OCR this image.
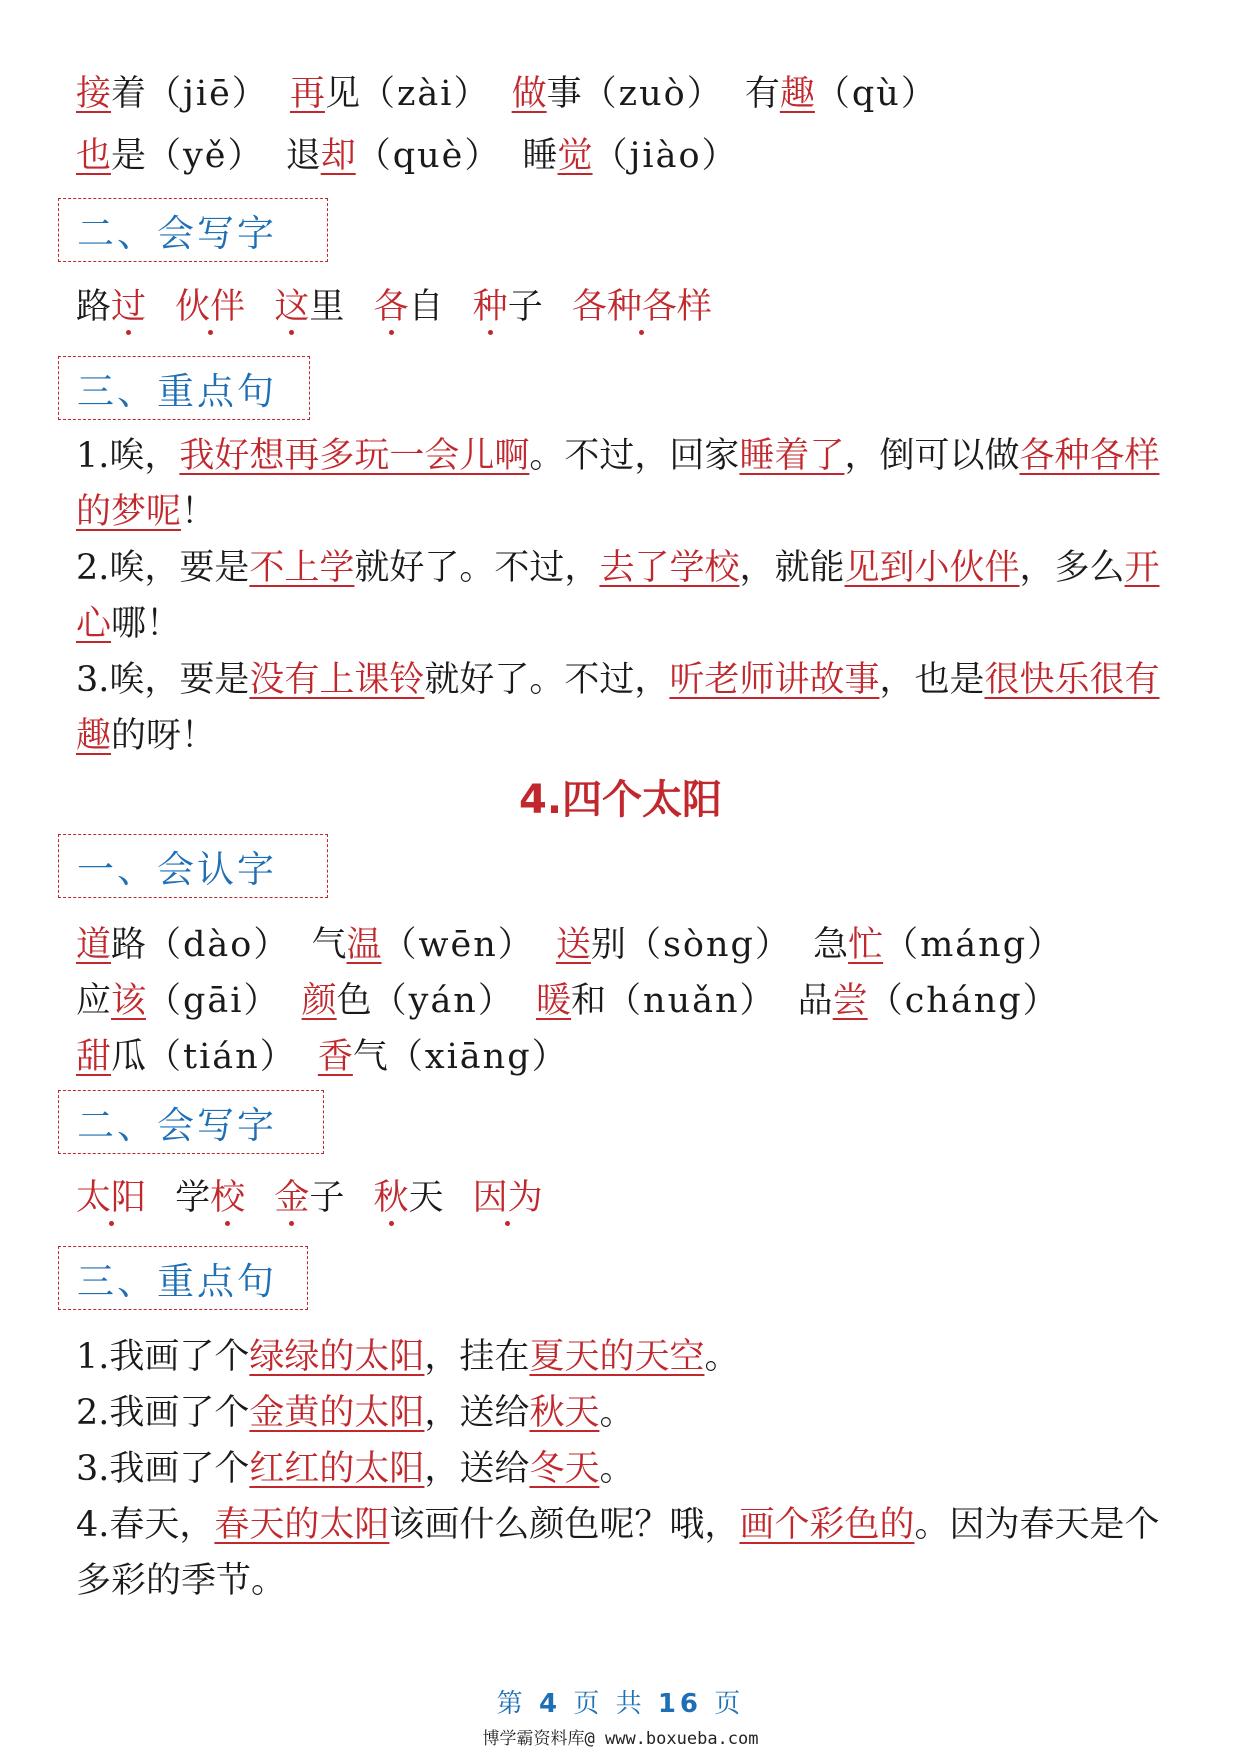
接着（jiē） 再见（zài） 做事（zuò） 有趣（qù）
也是（yě） 退却（què） 睡觉（jiào）
二、会写字
路过 伙伴 这里 各自 种子 各种各样
三、重点句
1.唉，我好想再多玩一会儿啊。不过，回家睡着了，倒可以做各种各样的梦呢！
2.唉，要是不上学就好了。不过，去了学校，就能见到小伙伴，多么开心哪！
3.唉，要是没有上课铃就好了。不过，听老师讲故事，也是很快乐很有趣的呀！
4.四个太阳
一、会认字
道路（dào） 气温（wēn） 送别（sòng） 急忙（máng）
应该（gāi） 颜色（yán） 暖和（nuǎn） 品尝（cháng）
甜瓜（tián） 香气（xiāng）
二、会写字
太阳 学校 金子 秋天 因为
三、重点句
1.我画了个绿绿的太阳，挂在夏天的天空。
2.我画了个金黄的太阳，送给秋天。
3.我画了个红红的太阳，送给冬天。
4.春天，春天的太阳该画什么颜色呢？哦，画个彩色的。因为春天是个多彩的季节。
第 4 页 共 16 页
博学霸资料库@ www.boxueba.com
